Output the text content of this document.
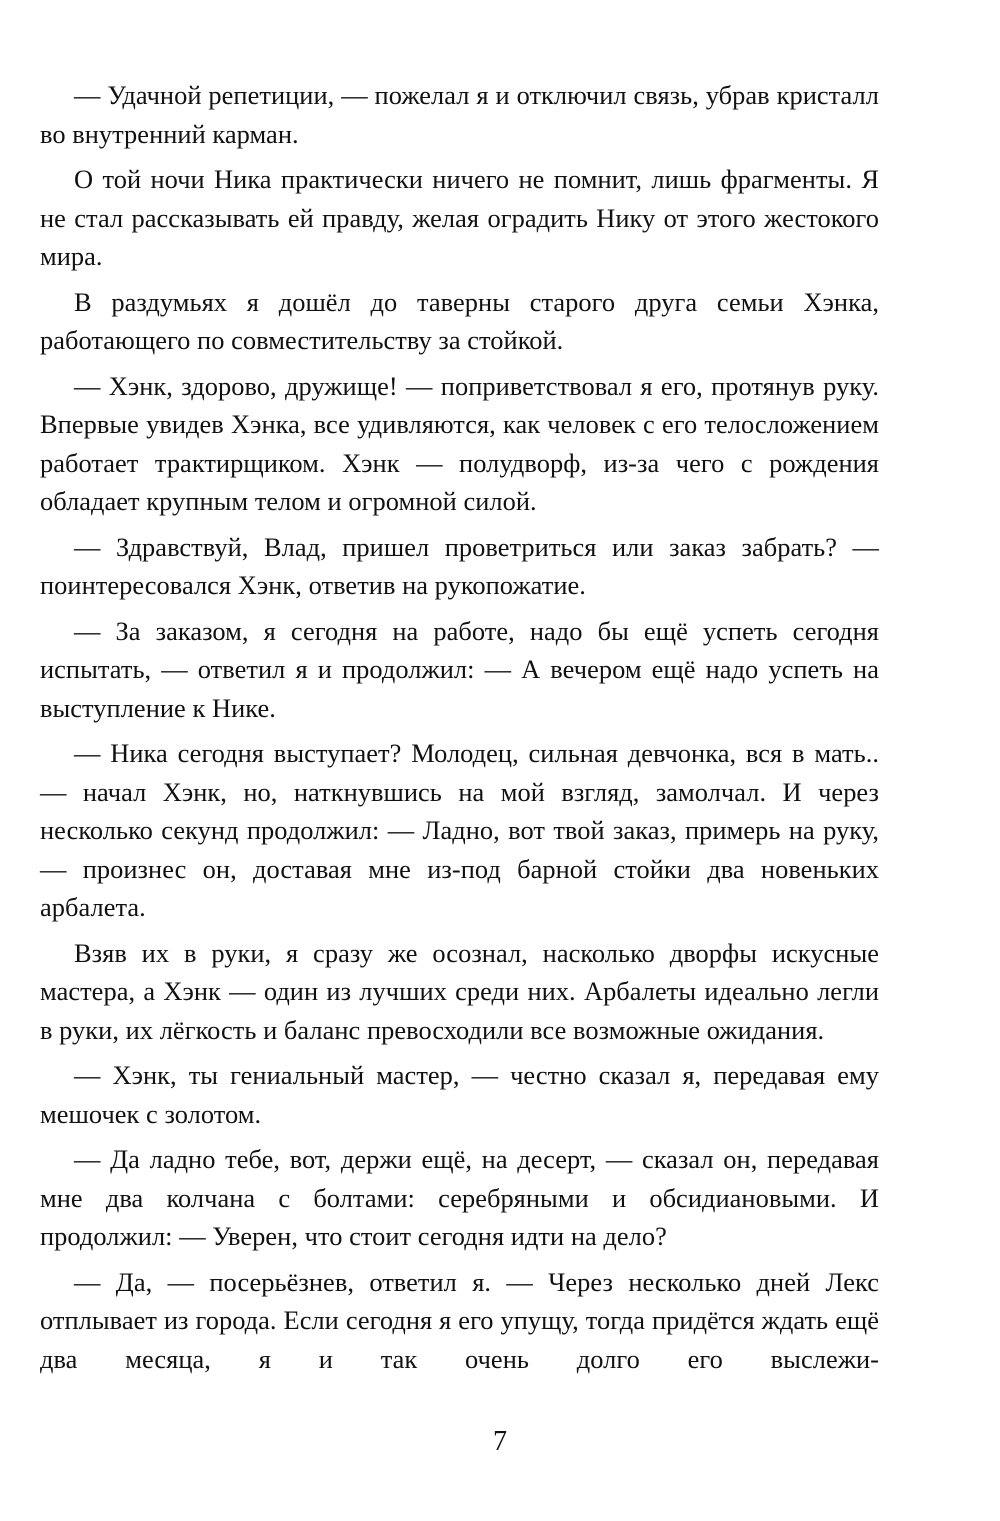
— Удачной репетиции, — пожелал я и отключил связь, убрав кристалл во внутренний карман.

О той ночи Ника практически ничего не помнит, лишь фрагменты. Я не стал рассказывать ей правду, желая оградить Нику от этого жестокого мира.

В раздумьях я дошёл до таверны старого друга семьи Хэнка, работающего по совместительству за стойкой.

— Хэнк, здорово, дружище! — поприветствовал я его, протянув руку. Впервые увидев Хэнка, все удивляются, как человек с его телосложением работает трактирщиком. Хэнк — полудворф, из-за чего с рождения обладает крупным телом и огромной силой.

— Здравствуй, Влад, пришел проветриться или заказ забрать? — поинтересовался Хэнк, ответив на рукопожатие.

— За заказом, я сегодня на работе, надо бы ещё успеть сегодня испытать, — ответил я и продолжил: — А вечером ещё надо успеть на выступление к Нике.

— Ника сегодня выступает? Молодец, сильная девчонка, вся в мать.. — начал Хэнк, но, наткнувшись на мой взгляд, замолчал. И через несколько секунд продолжил: — Ладно, вот твой заказ, примерь на руку, — произнес он, доставая мне из-под барной стойки два новеньких арбалета.

Взяв их в руки, я сразу же осознал, насколько дворфы искусные мастера, а Хэнк — один из лучших среди них. Арбалеты идеально легли в руки, их лёгкость и баланс превосходили все возможные ожидания.

— Хэнк, ты гениальный мастер, — честно сказал я, передавая ему мешочек с золотом.

— Да ладно тебе, вот, держи ещё, на десерт, — сказал он, передавая мне два колчана с болтами: серебряными и обсидиановыми. И продолжил: — Уверен, что стоит сегодня идти на дело?

— Да, — посерьёзнев, ответил я. — Через несколько дней Лекс отплывает из города. Если сегодня я его упущу, тогда придётся ждать ещё два месяца, я и так очень долго его выслежи-

7
